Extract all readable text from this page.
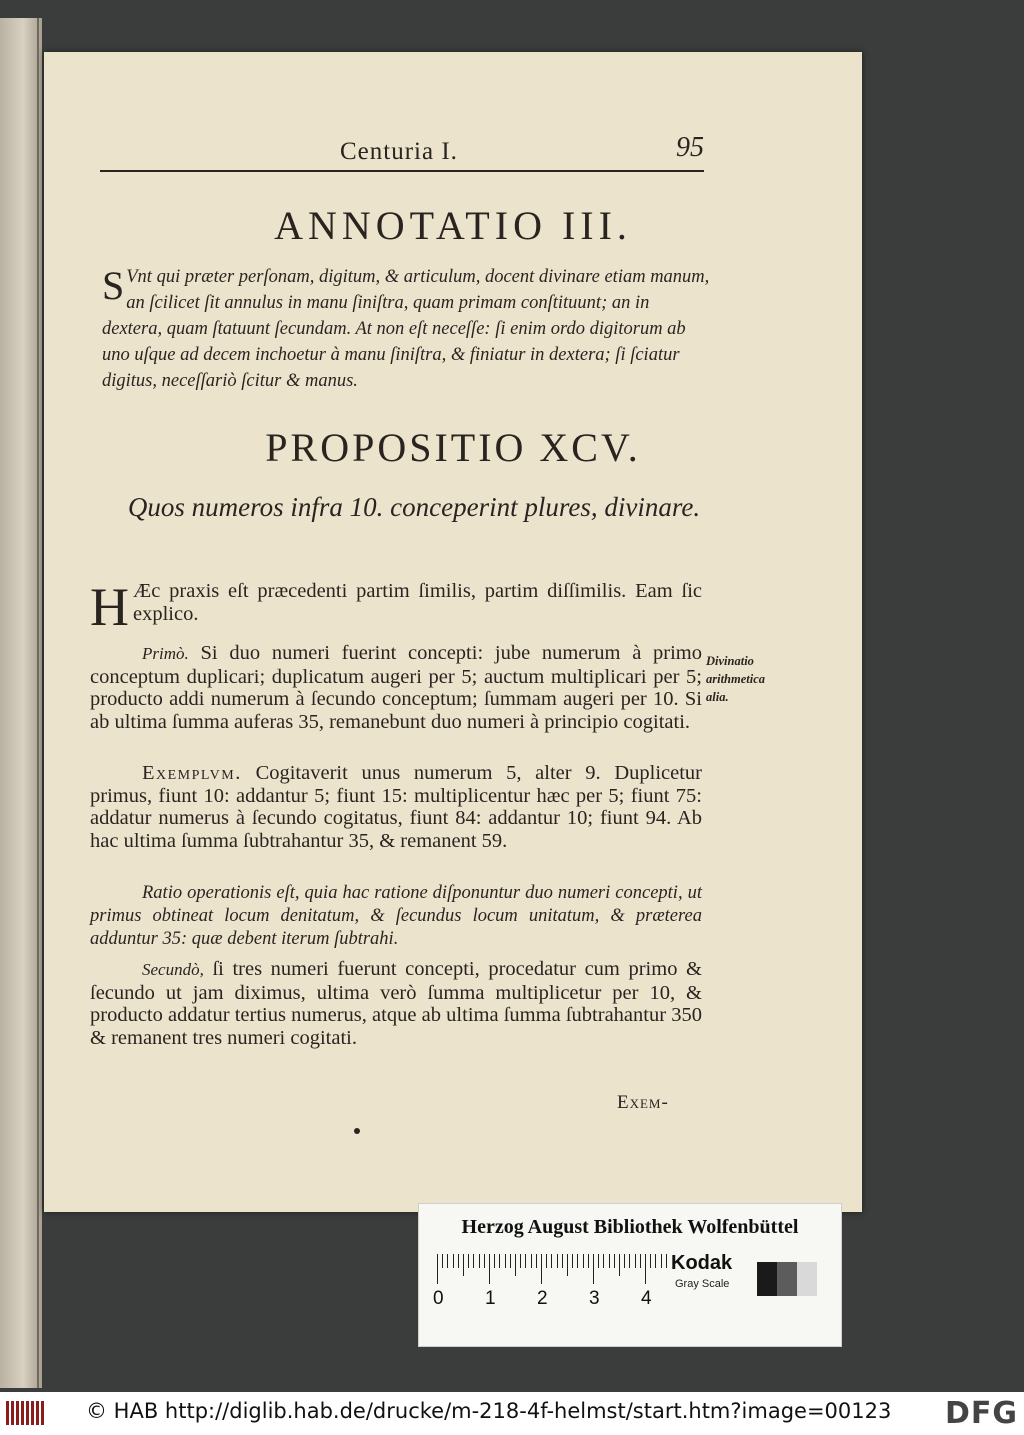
Centuria I.	95
ANNOTATIO III.
S Vnt qui præter perſonam, digitum, & articulum, docent divinare etiam manum, an ſcilicet ſit annulus in manu ſiniſtra, quam primam conſtituunt; an in dextera, quam ſtatuunt ſecundam. At non eſt neceſſe: ſi enim ordo digitorum ab uno uſque ad decem inchoetur à manu ſiniſtra, & finiatur in dextera; ſi ſciatur digitus, neceſſariò ſcitur & manus.
PROPOSITIO XCV.
Quos numeros infra 10. conceperint plures, divinare.
H Æc praxis eſt præcedenti partim ſimilis, partim diſſimilis. Eam ſic explico.
Primò. Si duo numeri fuerint concepti: jube numerum à primo conceptum duplicari; duplicatum augeri per 5; auctum multiplicari per 5; producto addi numerum à ſecundo conceptum; ſummam augeri per 10. Si ab ultima ſumma auferas 35, remanebunt duo numeri à principio cogitati.
Exemplvm. Cogitaverit unus numerum 5, alter 9. Duplicetur primus, fiunt 10: addantur 5; fiunt 15: multiplicentur hæc per 5; fiunt 75: addatur numerus à ſecundo cogitatus, fiunt 84: addantur 10; fiunt 94. Ab hac ultima ſumma ſubtrahantur 35, & remanent 59.
Ratio operationis eſt, quia hac ratione diſponuntur duo numeri concepti, ut primus obtineat locum denitatum, & ſecundus locum unitatum, & præterea adduntur 35: quæ debent iterum ſubtrahi.
Secundò, ſi tres numeri fuerunt concepti, procedatur cum primo & ſecundo ut jam diximus, ultima verò ſumma multiplicetur per 10, & producto addatur tertius numerus, atque ab ultima ſumma ſubtrahantur 350 & remanent tres numeri cogitati.
Divinatio arithmetica alia.
Exem-
Herzog August Bibliothek Wolfenbüttel
0 1 2 3 4
Kodak
Gray Scale
© HAB http://diglib.hab.de/drucke/m-218-4f-helmst/start.htm?image=00123 DFG
